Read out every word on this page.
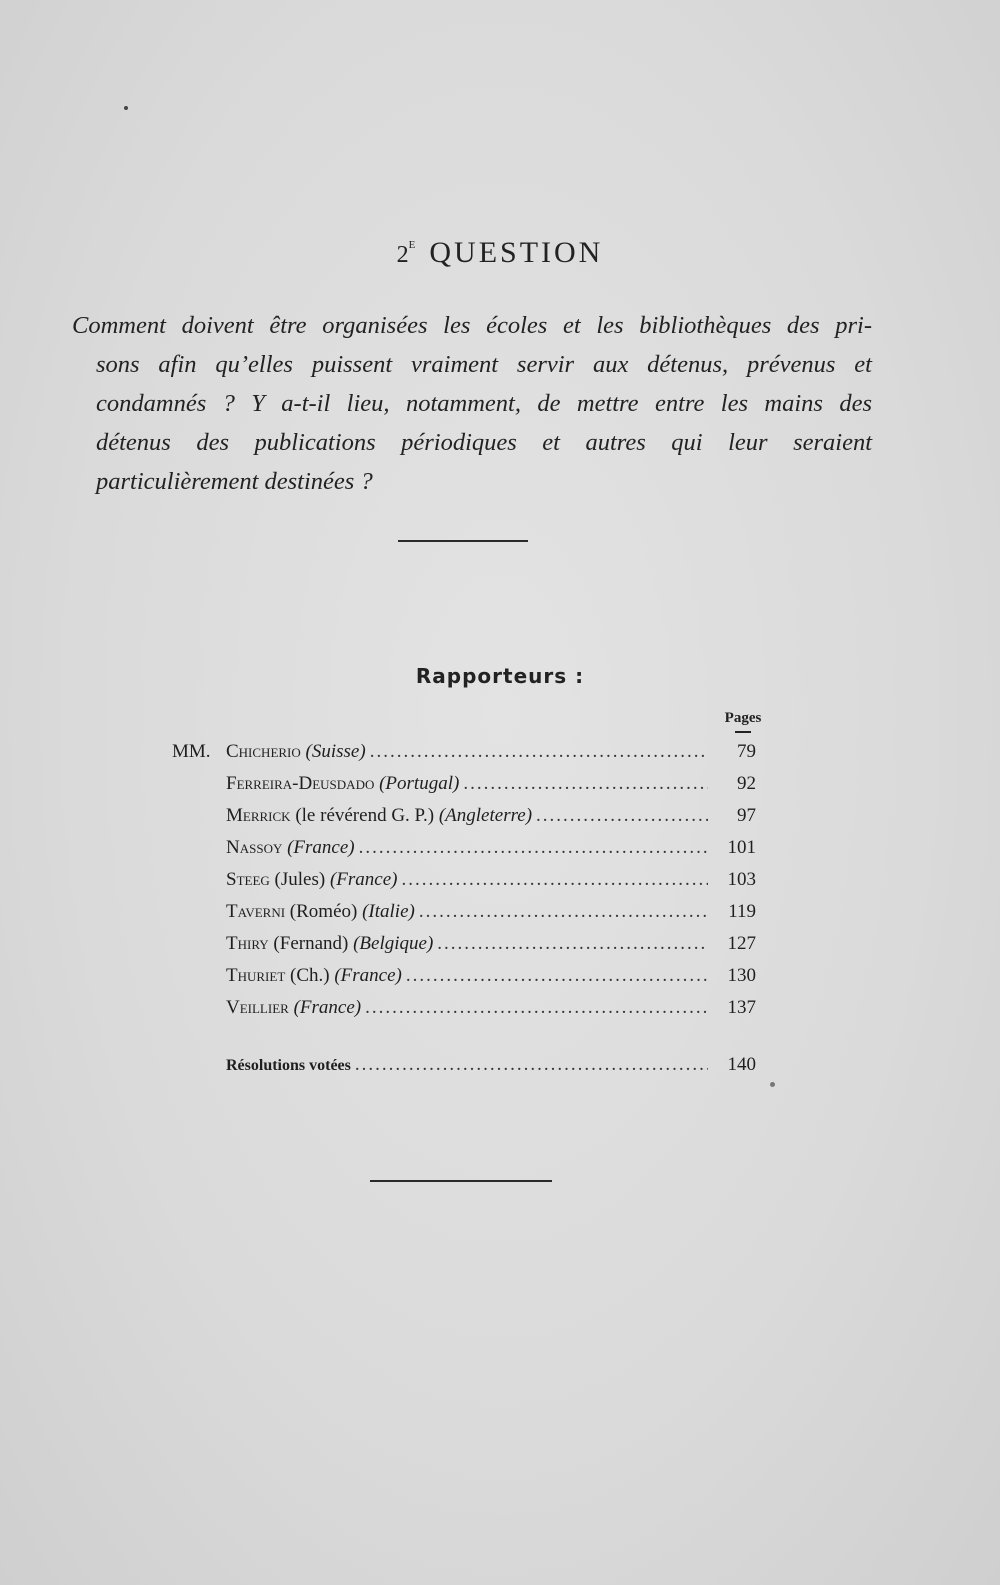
$2^E$ QUESTION
Comment doivent être organisées les écoles et les bibliothèques des pri-
sons afin qu’elles puissent vraiment servir aux détenus, prévenus et
condamnés ? Y a-t-il lieu, notamment, de mettre entre les mains des
détenus des publications périodiques et autres qui leur seraient
particulièrement destinées ?
Rapporteurs :
Pages
MM. Chicherio (Suisse) .....	79
Ferreira-Deusdado (Portugal) .....	92
Merrick (le révérend G. P.) (Angleterre) .....	97
Nassoy (France) .....	101
Steeg (Jules) (France) .....	103
Taverni (Roméo) (Italie) .....	119
Thiry (Fernand) (Belgique) .....	127
Thuriet (Ch.) (France) .....	130
Veillier (France) .....	137
Résolutions votées .....	140
